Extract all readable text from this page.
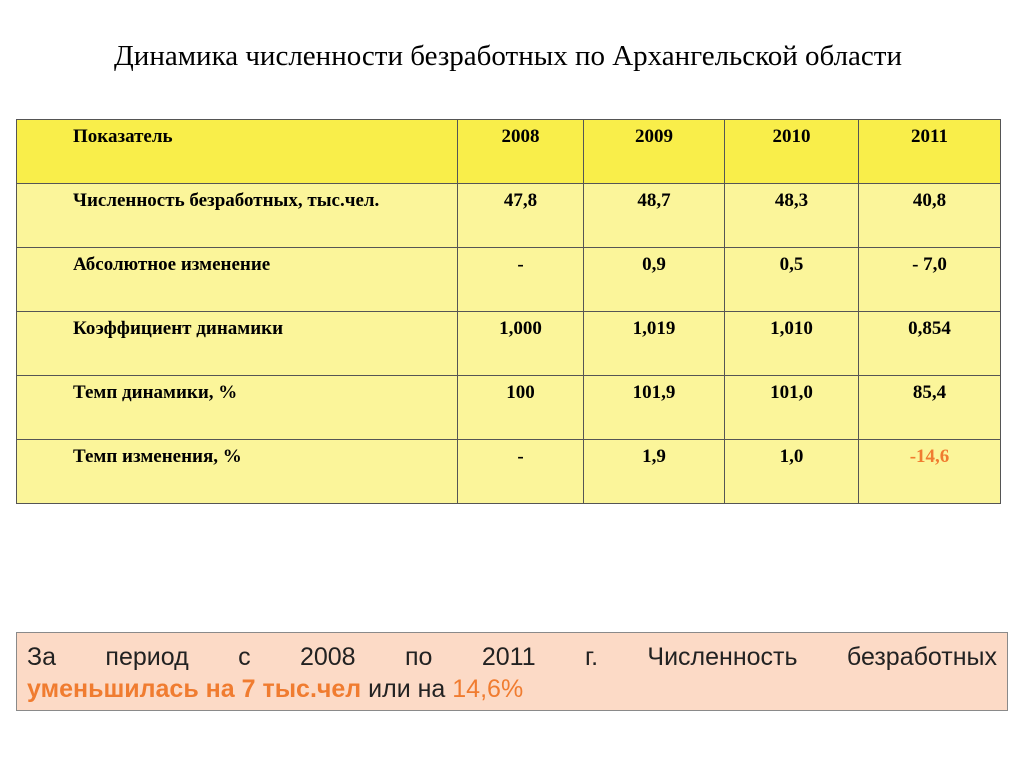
Динамика численности безработных по Архангельской области
Показатель	2008	2009	2010	2011
Численность безработных, тыс.чел.	47,8	48,7	48,3	40,8
Абсолютное изменение	-	0,9	0,5	- 7,0
Коэффициент динамики	1,000	1,019	1,010	0,854
Темп динамики, %	100	101,9	101,0	85,4
Темп изменения, %	-	1,9	1,0	-14,6
За период с 2008 по 2011 г. Численность безработных
уменьшилась на 7 тыс.чел или на 14,6%
